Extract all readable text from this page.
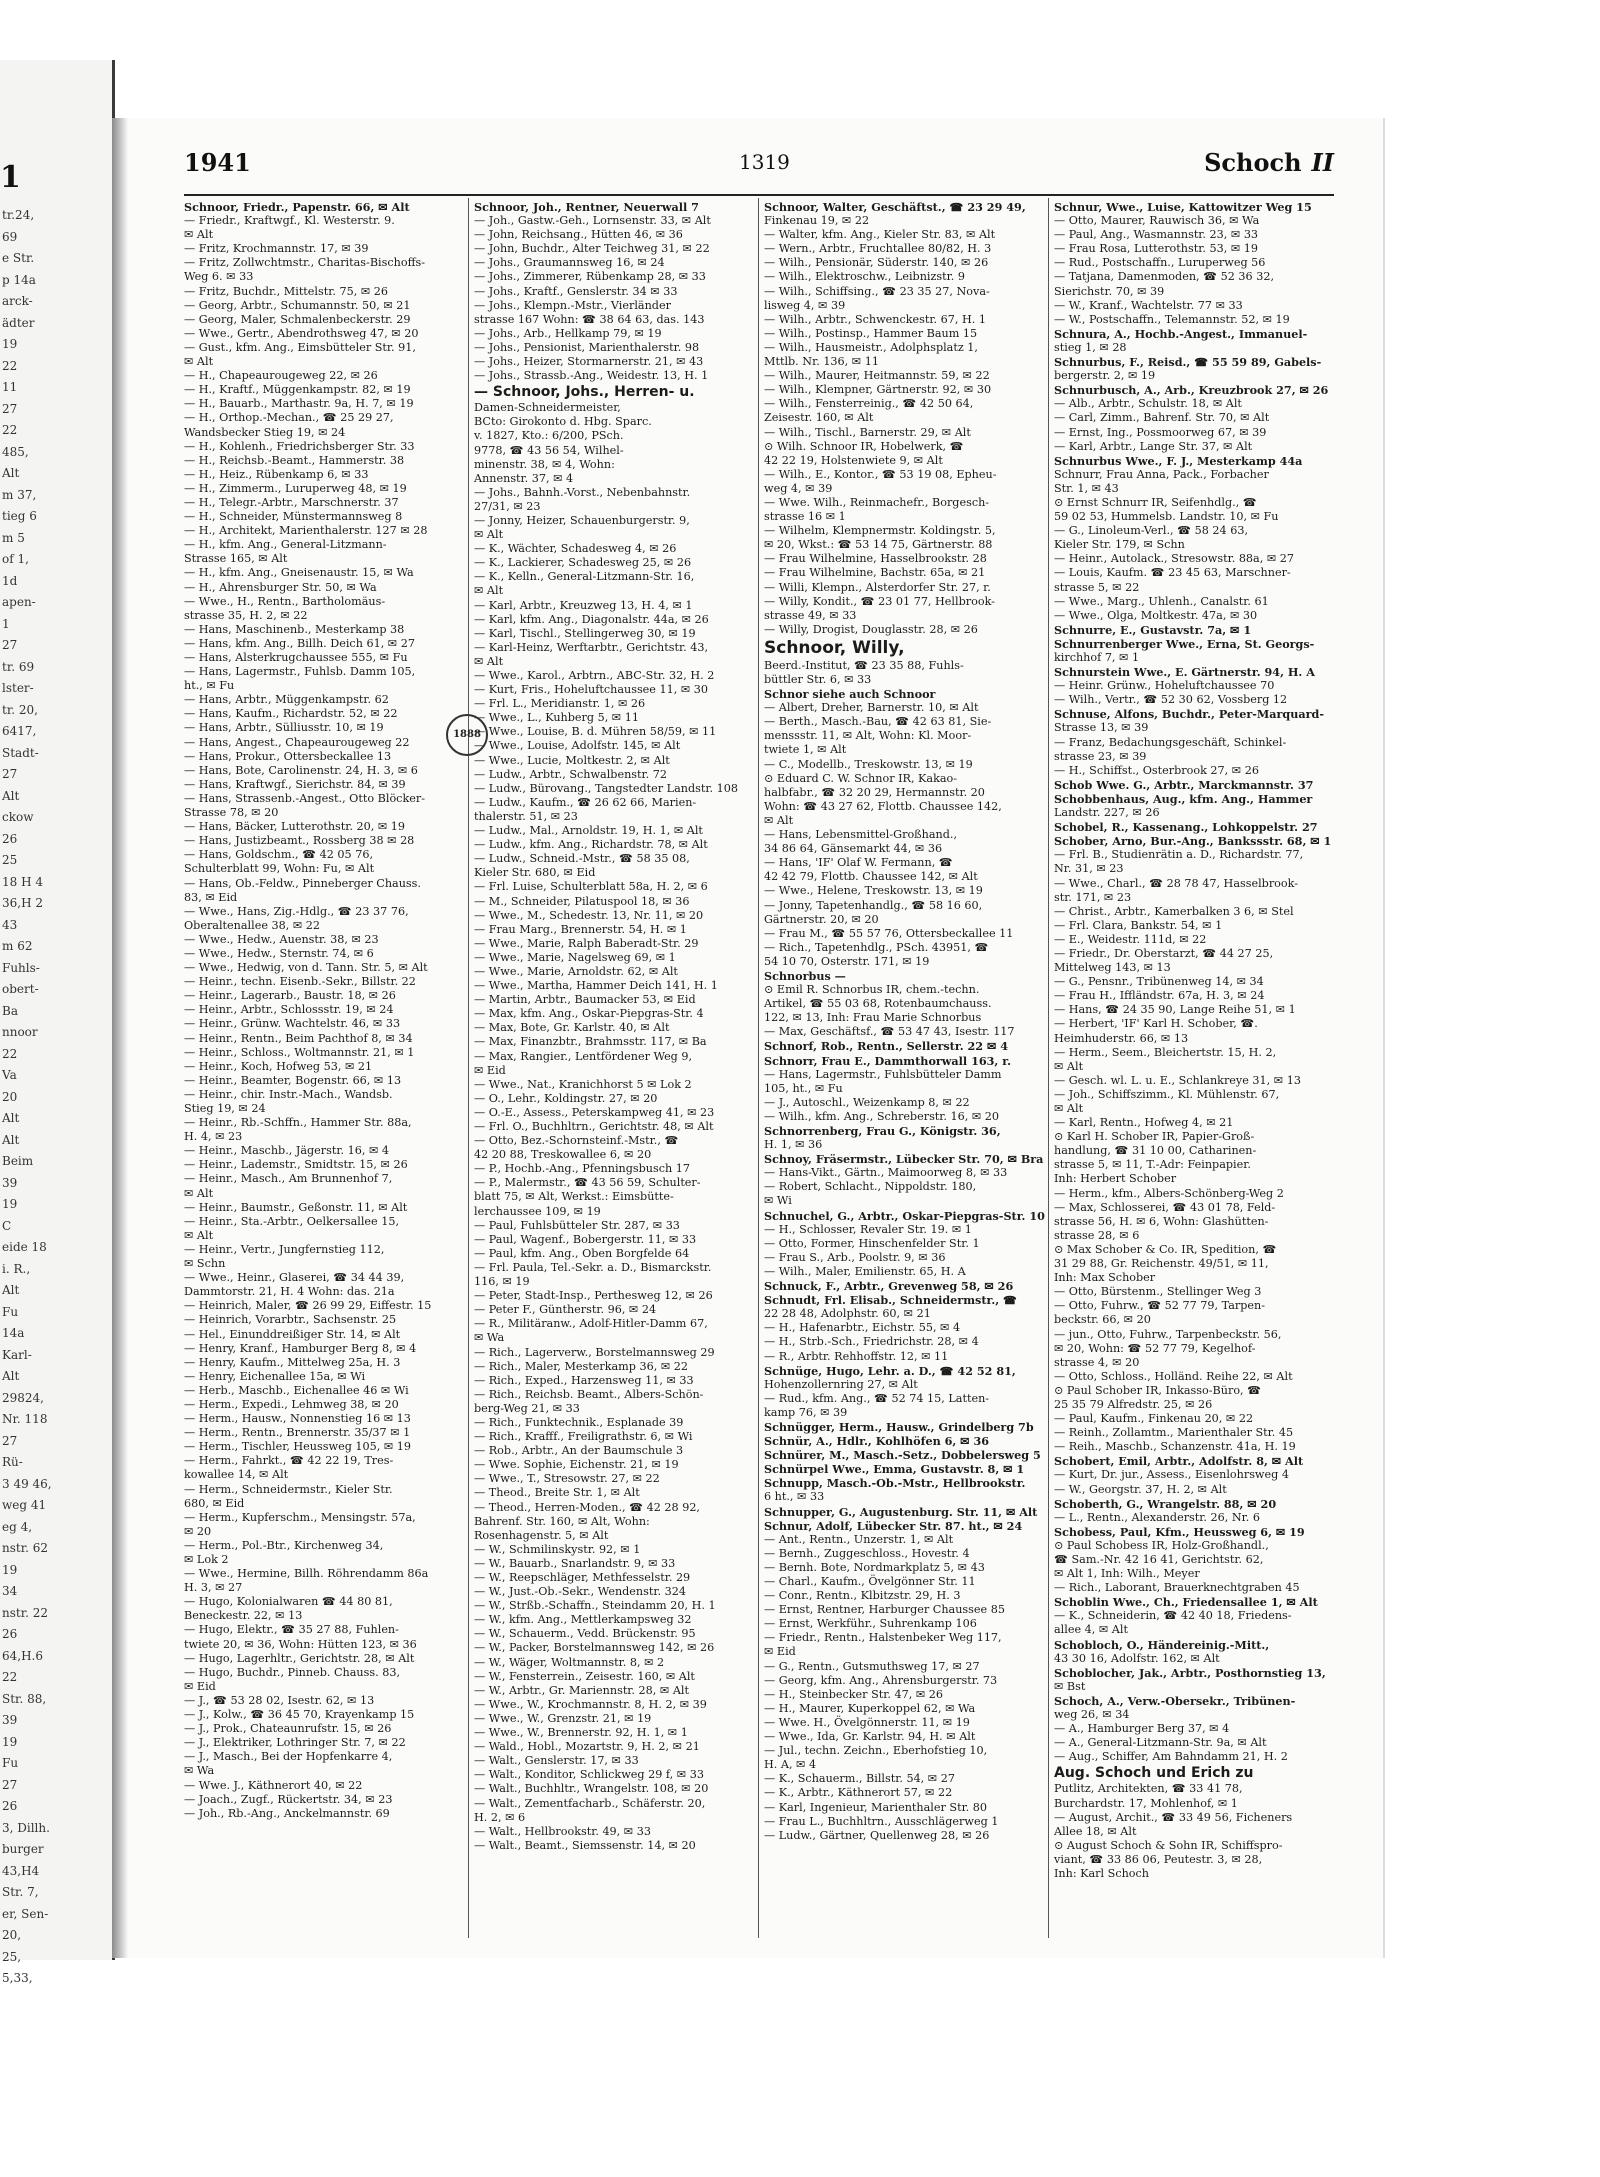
1
tr.24,
69
e Str.
p 14a
arck-
ädter
19
22
11
27
22
485,
Alt
m 37,
tieg 6
m 5
of 1,
1d
apen-
1
27
tr. 69
lster-
tr. 20,
6417,
Stadt-
27
Alt
ckow
26
25
18 H 4
36,H 2
43
m 62
Fuhls-
obert-
Ba
nnoor
22
Va
20
Alt
Alt
Beim
39
19
C
eide 18
i. R.,
Alt
Fu
14a
Karl-
Alt
29824,
Nr. 118
27
Rü-
3 49 46,
weg 41
eg 4,
nstr. 62
19
34
nstr. 22
26
64,H.6
22
Str. 88,
39
19
Fu
27
26
3, Dillh.
burger
43,H4
Str. 7,
er, Sen-
20,
25,
5,33,
1941	1319	Schoch II
Schnoor, Friedr., Papenstr. 66, ✉ Alt
— Friedr., Kraftwgf., Kl. Westerstr. 9.
✉ Alt
— Fritz, Krochmannstr. 17, ✉ 39
— Fritz, Zollwchtmstr., Charitas-Bischoffs-
Weg 6. ✉ 33
— Fritz, Buchdr., Mittelstr. 75, ✉ 26
— Georg, Arbtr., Schumannstr. 50, ✉ 21
— Georg, Maler, Schmalenbeckerstr. 29
— Wwe., Gertr., Abendrothsweg 47, ✉ 20
— Gust., kfm. Ang., Eimsbütteler Str. 91,
✉ Alt
— H., Chapeaurougeweg 22, ✉ 26
— H., Kraftf., Müggenkampstr. 82, ✉ 19
— H., Bauarb., Marthastr. 9a, H. 7, ✉ 19
— H., Orthop.-Mechan., ☎ 25 29 27,
Wandsbecker Stieg 19, ✉ 24
— H., Kohlenh., Friedrichsberger Str. 33
— H., Reichsb.-Beamt., Hammerstr. 38
— H., Heiz., Rübenkamp 6, ✉ 33
— H., Zimmerm., Luruperweg 48, ✉ 19
— H., Telegr.-Arbtr., Marschnerstr. 37
— H., Schneider, Münstermannsweg 8
— H., Architekt, Marienthalerstr. 127 ✉ 28
— H., kfm. Ang., General-Litzmann-
Strasse 165, ✉ Alt
— H., kfm. Ang., Gneisenaustr. 15, ✉ Wa
— H., Ahrensburger Str. 50, ✉ Wa
— Wwe., H., Rentn., Bartholomäus-
strasse 35, H. 2, ✉ 22
— Hans, Maschinenb., Mesterkamp 38
— Hans, kfm. Ang., Billh. Deich 61, ✉ 27
— Hans, Alsterkrugchaussee 555, ✉ Fu
— Hans, Lagermstr., Fuhlsb. Damm 105,
ht., ✉ Fu
— Hans, Arbtr., Müggenkampstr. 62
— Hans, Kaufm., Richardstr. 52, ✉ 22
— Hans, Arbtr., Sülliusstr. 10, ✉ 19
— Hans, Angest., Chapeaurougeweg 22
— Hans, Prokur., Ottersbeckallee 13
— Hans, Bote, Carolinenstr. 24, H. 3, ✉ 6
— Hans, Kraftwgf., Sierichstr. 84, ✉ 39
— Hans, Strassenb.-Angest., Otto Blöcker-
Strasse 78, ✉ 20
— Hans, Bäcker, Lutterothstr. 20, ✉ 19
— Hans, Justizbeamt., Rossberg 38 ✉ 28
— Hans, Goldschm., ☎ 42 05 76,
Schulterblatt 99, Wohn: Fu, ✉ Alt
— Hans, Ob.-Feldw., Pinneberger Chauss.
83, ✉ Eid
— Wwe., Hans, Zig.-Hdlg., ☎ 23 37 76,
Oberaltenallee 38, ✉ 22
— Wwe., Hedw., Auenstr. 38, ✉ 23
— Wwe., Hedw., Sternstr. 74, ✉ 6
— Wwe., Hedwig, von d. Tann. Str. 5, ✉ Alt
— Heinr., techn. Eisenb.-Sekr., Billstr. 22
— Heinr., Lagerarb., Baustr. 18, ✉ 26
— Heinr., Arbtr., Schlossstr. 19, ✉ 24
— Heinr., Grünw. Wachtelstr. 46, ✉ 33
— Heinr., Rentn., Beim Pachthof 8, ✉ 34
— Heinr., Schloss., Woltmannstr. 21, ✉ 1
— Heinr., Koch, Hofweg 53, ✉ 21
— Heinr., Beamter, Bogenstr. 66, ✉ 13
— Heinr., chir. Instr.-Mach., Wandsb.
Stieg 19, ✉ 24
— Heinr., Rb.-Schffn., Hammer Str. 88a,
H. 4, ✉ 23
— Heinr., Maschb., Jägerstr. 16, ✉ 4
— Heinr., Lademstr., Smidtstr. 15, ✉ 26
— Heinr., Masch., Am Brunnenhof 7,
✉ Alt
— Heinr., Baumstr., Geßonstr. 11, ✉ Alt
— Heinr., Sta.-Arbtr., Oelkersallee 15,
✉ Alt
— Heinr., Vertr., Jungfernstieg 112,
✉ Schn
— Wwe., Heinr., Glaserei, ☎ 34 44 39,
Dammtorstr. 21, H. 4 Wohn: das. 21a
— Heinrich, Maler, ☎ 26 99 29, Eiffestr. 15
— Heinrich, Vorarbtr., Sachsenstr. 25
— Hel., Einunddreißiger Str. 14, ✉ Alt
— Henry, Kranf., Hamburger Berg 8, ✉ 4
— Henry, Kaufm., Mittelweg 25a, H. 3
— Henry, Eichenallee 15a, ✉ Wi
— Herb., Maschb., Eichenallee 46 ✉ Wi
— Herm., Expedi., Lehmweg 38, ✉ 20
— Herm., Hausw., Nonnenstieg 16 ✉ 13
— Herm., Rentn., Brennerstr. 35/37 ✉ 1
— Herm., Tischler, Heussweg 105, ✉ 19
— Herm., Fahrkt., ☎ 42 22 19, Tres-
kowallee 14, ✉ Alt
— Herm., Schneidermstr., Kieler Str.
680, ✉ Eid
— Herm., Kupferschm., Mensingstr. 57a,
✉ 20
— Herm., Pol.-Btr., Kirchenweg 34,
✉ Lok 2
— Wwe., Hermine, Billh. Röhrendamm 86a
H. 3, ✉ 27
— Hugo, Kolonialwaren ☎ 44 80 81,
Beneckestr. 22, ✉ 13
— Hugo, Elektr., ☎ 35 27 88, Fuhlen-
twiete 20, ✉ 36, Wohn: Hütten 123, ✉ 36
— Hugo, Lagerhltr., Gerichtstr. 28, ✉ Alt
— Hugo, Buchdr., Pinneb. Chauss. 83,
✉ Eid
— J., ☎ 53 28 02, Isestr. 62, ✉ 13
— J., Kolw., ☎ 36 45 70, Krayenkamp 15
— J., Prok., Chateaunrufstr. 15, ✉ 26
— J., Elektriker, Lothringer Str. 7, ✉ 22
— J., Masch., Bei der Hopfenkarre 4,
✉ Wa
— Wwe. J., Käthnerort 40, ✉ 22
— Joach., Zugf., Rückertstr. 34, ✉ 23
— Joh., Rb.-Ang., Anckelmannstr. 69
Schnoor, Joh., Rentner, Neuerwall 7
— Joh., Gastw.-Geh., Lornsenstr. 33, ✉ Alt
— John, Reichsang., Hütten 46, ✉ 36
— John, Buchdr., Alter Teichweg 31, ✉ 22
— Johs., Graumannsweg 16, ✉ 24
— Johs., Zimmerer, Rübenkamp 28, ✉ 33
— Johs., Kraftf., Genslerstr. 34 ✉ 33
— Johs., Klempn.-Mstr., Vierländer
strasse 167 Wohn: ☎ 38 64 63, das. 143
— Johs., Arb., Hellkamp 79, ✉ 19
— Johs., Pensionist, Marienthalerstr. 98
— Johs., Heizer, Stormarnerstr. 21, ✉ 43
— Johs., Strassb.-Ang., Weidestr. 13, H. 1
— Schnoor, Johs., Herren- u.
Damen-Schneidermeister,
BCto: Girokonto d. Hbg. Sparc.
v. 1827, Kto.: 6/200, PSch.
9778, ☎ 43 56 54, Wilhel-
minenstr. 38, ✉ 4, Wohn:
Annenstr. 37, ✉ 4
— Johs., Bahnh.-Vorst., Nebenbahnstr.
27/31, ✉ 23
— Jonny, Heizer, Schauenburgerstr. 9,
✉ Alt
— K., Wächter, Schadesweg 4, ✉ 26
— K., Lackierer, Schadesweg 25, ✉ 26
— K., Kelln., General-Litzmann-Str. 16,
✉ Alt
— Karl, Arbtr., Kreuzweg 13, H. 4, ✉ 1
— Karl, kfm. Ang., Diagonalstr. 44a, ✉ 26
— Karl, Tischl., Stellingerweg 30, ✉ 19
— Karl-Heinz, Werftarbtr., Gerichtstr. 43,
✉ Alt
— Wwe., Karol., Arbtrn., ABC-Str. 32, H. 2
— Kurt, Fris., Hoheluftchaussee 11, ✉ 30
— Frl. L., Meridianstr. 1, ✉ 26
— Wwe., L., Kuhberg 5, ✉ 11
— Wwe., Louise, B. d. Mühren 58/59, ✉ 11
— Wwe., Louise, Adolfstr. 145, ✉ Alt
— Wwe., Lucie, Moltkestr. 2, ✉ Alt
— Ludw., Arbtr., Schwalbenstr. 72
— Ludw., Bürovang., Tangstedter Landstr. 108
— Ludw., Kaufm., ☎ 26 62 66, Marien-
thalerstr. 51, ✉ 23
— Ludw., Mal., Arnoldstr. 19, H. 1, ✉ Alt
— Ludw., kfm. Ang., Richardstr. 78, ✉ Alt
— Ludw., Schneid.-Mstr., ☎ 58 35 08,
Kieler Str. 680, ✉ Eid
— Frl. Luise, Schulterblatt 58a, H. 2, ✉ 6
— M., Schneider, Pilatuspool 18, ✉ 36
— Wwe., M., Schedestr. 13, Nr. 11, ✉ 20
— Frau Marg., Brennerstr. 54, H. ✉ 1
— Wwe., Marie, Ralph Baberadt-Str. 29
— Wwe., Marie, Nagelsweg 69, ✉ 1
— Wwe., Marie, Arnoldstr. 62, ✉ Alt
— Wwe., Martha, Hammer Deich 141, H. 1
— Martin, Arbtr., Baumacker 53, ✉ Eid
— Max, kfm. Ang., Oskar-Piepgras-Str. 4
— Max, Bote, Gr. Karlstr. 40, ✉ Alt
— Max, Finanzbtr., Brahmsstr. 117, ✉ Ba
— Max, Rangier., Lentfördener Weg 9,
✉ Eid
— Wwe., Nat., Kranichhorst 5 ✉ Lok 2
— O., Lehr., Koldingstr. 27, ✉ 20
— O.-E., Assess., Peterskampweg 41, ✉ 23
— Frl. O., Buchhltrn., Gerichtstr. 48, ✉ Alt
— Otto, Bez.-Schornsteinf.-Mstr., ☎
42 20 88, Treskowallee 6, ✉ 20
— P., Hochb.-Ang., Pfenningsbusch 17
— P., Malermstr., ☎ 43 56 59, Schulter-
blatt 75, ✉ Alt, Werkst.: Eimsbütte-
lerchaussee 109, ✉ 19
— Paul, Fuhlsbütteler Str. 287, ✉ 33
— Paul, Wagenf., Bobergerstr. 11, ✉ 33
— Paul, kfm. Ang., Oben Borgfelde 64
— Frl. Paula, Tel.-Sekr. a. D., Bismarckstr.
116, ✉ 19
— Peter, Stadt-Insp., Perthesweg 12, ✉ 26
— Peter F., Güntherstr. 96, ✉ 24
— R., Militäranw., Adolf-Hitler-Damm 67,
✉ Wa
— Rich., Lagerverw., Borstelmannsweg 29
— Rich., Maler, Mesterkamp 36, ✉ 22
— Rich., Exped., Harzensweg 11, ✉ 33
— Rich., Reichsb. Beamt., Albers-Schön-
berg-Weg 21, ✉ 33
— Rich., Funktechnik., Esplanade 39
— Rich., Krafff., Freiligrathstr. 6, ✉ Wi
— Rob., Arbtr., An der Baumschule 3
— Wwe. Sophie, Eichenstr. 21, ✉ 19
— Wwe., T., Stresowstr. 27, ✉ 22
— Theod., Breite Str. 1, ✉ Alt
— Theod., Herren-Moden., ☎ 42 28 92,
Bahrenf. Str. 160, ✉ Alt, Wohn:
Rosenhagenstr. 5, ✉ Alt
— W., Schmilinskystr. 92, ✉ 1
— W., Bauarb., Snarlandstr. 9, ✉ 33
— W., Reepschläger, Methfesselstr. 29
— W., Just.-Ob.-Sekr., Wendenstr. 324
— W., Strßb.-Schaffn., Steindamm 20, H. 1
— W., kfm. Ang., Mettlerkampsweg 32
— W., Schauerm., Vedd. Brückenstr. 95
— W., Packer, Borstelmannsweg 142, ✉ 26
— W., Wäger, Woltmannstr. 8, ✉ 2
— W., Fensterrein., Zeisestr. 160, ✉ Alt
— W., Arbtr., Gr. Mariennstr. 28, ✉ Alt
— Wwe., W., Krochmannstr. 8, H. 2, ✉ 39
— Wwe., W., Grenzstr. 21, ✉ 19
— Wwe., W., Brennerstr. 92, H. 1, ✉ 1
— Wald., Hobl., Mozartstr. 9, H. 2, ✉ 21
— Walt., Genslerstr. 17, ✉ 33
— Walt., Konditor, Schlickweg 29 f, ✉ 33
— Walt., Buchhltr., Wrangelstr. 108, ✉ 20
— Walt., Zementfacharb., Schäferstr. 20,
H. 2, ✉ 6
— Walt., Hellbrookstr. 49, ✉ 33
— Walt., Beamt., Siemssenstr. 14, ✉ 20
Schnoor, Walter, Geschäftst., ☎ 23 29 49,
Finkenau 19, ✉ 22
— Walter, kfm. Ang., Kieler Str. 83, ✉ Alt
— Wern., Arbtr., Fruchtallee 80/82, H. 3
— Wilh., Pensionär, Süderstr. 140, ✉ 26
— Wilh., Elektroschw., Leibnizstr. 9
— Wilh., Schiffsing., ☎ 23 35 27, Nova-
lisweg 4, ✉ 39
— Wilh., Arbtr., Schwenckestr. 67, H. 1
— Wilh., Postinsp., Hammer Baum 15
— Wilh., Hausmeistr., Adolphsplatz 1,
Mttlb. Nr. 136, ✉ 11
— Wilh., Maurer, Heitmannstr. 59, ✉ 22
— Wilh., Klempner, Gärtnerstr. 92, ✉ 30
— Wilh., Fensterreinig., ☎ 42 50 64,
Zeisestr. 160, ✉ Alt
— Wilh., Tischl., Barnerstr. 29, ✉ Alt
⊙ Wilh. Schnoor IR, Hobelwerk, ☎
42 22 19, Holstenwiete 9, ✉ Alt
— Wilh., E., Kontor., ☎ 53 19 08, Epheu-
weg 4, ✉ 39
— Wwe. Wilh., Reinmachefr., Borgesch-
strasse 16 ✉ 1
— Wilhelm, Klempnermstr. Koldingstr. 5,
✉ 20, Wkst.: ☎ 53 14 75, Gärtnerstr. 88
— Frau Wilhelmine, Hasselbrookstr. 28
— Frau Wilhelmine, Bachstr. 65a, ✉ 21
— Willi, Klempn., Alsterdorfer Str. 27, r.
— Willy, Kondit., ☎ 23 01 77, Hellbrook-
strasse 49, ✉ 33
— Willy, Drogist, Douglasstr. 28, ✉ 26
Schnoor, Willy,
Beerd.-Institut, ☎ 23 35 88, Fuhls-
büttler Str. 6, ✉ 33
Schnor siehe auch Schnoor
— Albert, Dreher, Barnerstr. 10, ✉ Alt
— Berth., Masch.-Bau, ☎ 42 63 81, Sie-
menssstr. 11, ✉ Alt, Wohn: Kl. Moor-
twiete 1, ✉ Alt
— C., Modellb., Treskowstr. 13, ✉ 19
⊙ Eduard C. W. Schnor IR, Kakao-
halbfabr., ☎ 32 20 29, Hermannstr. 20
Wohn: ☎ 43 27 62, Flottb. Chaussee 142,
✉ Alt
— Hans, Lebensmittel-Großhand.,
34 86 64, Gänsemarkt 44, ✉ 36
— Hans, 'IF' Olaf W. Fermann, ☎
42 42 79, Flottb. Chaussee 142, ✉ Alt
— Wwe., Helene, Treskowstr. 13, ✉ 19
— Jonny, Tapetenhandlg., ☎ 58 16 60,
Gärtnerstr. 20, ✉ 20
— Frau M., ☎ 55 57 76, Ottersbeckallee 11
— Rich., Tapetenhdlg., PSch. 43951, ☎
54 10 70, Osterstr. 171, ✉ 19
Schnorbus —
⊙ Emil R. Schnorbus IR, chem.-techn.
Artikel, ☎ 55 03 68, Rotenbaumchauss.
122, ✉ 13, Inh: Frau Marie Schnorbus
— Max, Geschäftsf., ☎ 53 47 43, Isestr. 117
Schnorf, Rob., Rentn., Sellerstr. 22 ✉ 4
Schnorr, Frau E., Dammthorwall 163, r.
— Hans, Lagermstr., Fuhlsbütteler Damm
105, ht., ✉ Fu
— J., Autoschl., Weizenkamp 8, ✉ 22
— Wilh., kfm. Ang., Schreberstr. 16, ✉ 20
Schnorrenberg, Frau G., Königstr. 36,
H. 1, ✉ 36
Schnoy, Fräsermstr., Lübecker Str. 70, ✉ Bra
— Hans-Vikt., Gärtn., Maimoorweg 8, ✉ 33
— Robert, Schlacht., Nippoldstr. 180,
✉ Wi
Schnuchel, G., Arbtr., Oskar-Piepgras-Str. 10
— H., Schlosser, Revaler Str. 19. ✉ 1
— Otto, Former, Hinschenfelder Str. 1
— Frau S., Arb., Poolstr. 9, ✉ 36
— Wilh., Maler, Emilienstr. 65, H. A
Schnuck, F., Arbtr., Grevenweg 58, ✉ 26
Schnudt, Frl. Elisab., Schneidermstr., ☎
22 28 48, Adolphstr. 60, ✉ 21
— H., Hafenarbtr., Eichstr. 55, ✉ 4
— H., Strb.-Sch., Friedrichstr. 28, ✉ 4
— R., Arbtr. Rehhoffstr. 12, ✉ 11
Schnüge, Hugo, Lehr. a. D., ☎ 42 52 81,
Hohenzollernring 27, ✉ Alt
— Rud., kfm. Ang., ☎ 52 74 15, Latten-
kamp 76, ✉ 39
Schnügger, Herm., Hausw., Grindelberg 7b
Schnür, A., Hdlr., Kohlhöfen 6, ✉ 36
Schnürer, M., Masch.-Setz., Dobbelersweg 5
Schnürpel Wwe., Emma, Gustavstr. 8, ✉ 1
Schnupp, Masch.-Ob.-Mstr., Hellbrookstr.
6 ht., ✉ 33
Schnupper, G., Augustenburg. Str. 11, ✉ Alt
Schnur, Adolf, Lübecker Str. 87. ht., ✉ 24
— Ant., Rentn., Unzerstr. 1, ✉ Alt
— Bernh., Zuggeschloss., Hovestr. 4
— Bernh. Bote, Nordmarkplatz 5, ✉ 43
— Charl., Kaufm., Övelgönner Str. 11
— Conr., Rentn., Klbitzstr. 29, H. 3
— Ernst, Rentner, Harburger Chaussee 85
— Ernst, Werkführ., Suhrenkamp 106
— Friedr., Rentn., Halstenbeker Weg 117,
✉ Eid
— G., Rentn., Gutsmuthsweg 17, ✉ 27
— Georg, kfm. Ang., Ahrensburgerstr. 73
— H., Steinbecker Str. 47, ✉ 26
— H., Maurer, Kuperkoppel 62, ✉ Wa
— Wwe. H., Övelgönnerstr. 11, ✉ 19
— Wwe., Ida, Gr. Karlstr. 94, H. ✉ Alt
— Jul., techn. Zeichn., Eberhofstieg 10,
H. A, ✉ 4
— K., Schauerm., Billstr. 54, ✉ 27
— K., Arbtr., Käthnerort 57, ✉ 22
— Karl, Ingenieur, Marienthaler Str. 80
— Frau L., Buchhltrn., Ausschlägerweg 1
— Ludw., Gärtner, Quellenweg 28, ✉ 26
Schnur, Wwe., Luise, Kattowitzer Weg 15
— Otto, Maurer, Rauwisch 36, ✉ Wa
— Paul, Ang., Wasmannstr. 23, ✉ 33
— Frau Rosa, Lutterothstr. 53, ✉ 19
— Rud., Postschaffn., Luruperweg 56
— Tatjana, Damenmoden, ☎ 52 36 32,
Sierichstr. 70, ✉ 39
— W., Kranf., Wachtelstr. 77 ✉ 33
— W., Postschaffn., Telemannstr. 52, ✉ 19
Schnura, A., Hochb.-Angest., Immanuel-
stieg 1, ✉ 28
Schnurbus, F., Reisd., ☎ 55 59 89, Gabels-
bergerstr. 2, ✉ 19
Schnurbusch, A., Arb., Kreuzbrook 27, ✉ 26
— Alb., Arbtr., Schulstr. 18, ✉ Alt
— Carl, Zimm., Bahrenf. Str. 70, ✉ Alt
— Ernst, Ing., Possmoorweg 67, ✉ 39
— Karl, Arbtr., Lange Str. 37, ✉ Alt
Schnurbus Wwe., F. J., Mesterkamp 44a
Schnurr, Frau Anna, Pack., Forbacher
Str. 1, ✉ 43
⊙ Ernst Schnurr IR, Seifenhdlg., ☎
59 02 53, Hummelsb. Landstr. 10, ✉ Fu
— G., Linoleum-Verl., ☎ 58 24 63,
Kieler Str. 179, ✉ Schn
— Heinr., Autolack., Stresowstr. 88a, ✉ 27
— Louis, Kaufm. ☎ 23 45 63, Marschner-
strasse 5, ✉ 22
— Wwe., Marg., Uhlenh., Canalstr. 61
— Wwe., Olga, Moltkestr. 47a, ✉ 30
Schnurre, E., Gustavstr. 7a, ✉ 1
Schnurrenberger Wwe., Erna, St. Georgs-
kirchhof 7, ✉ 1
Schnurstein Wwe., E. Gärtnerstr. 94, H. A
— Heinr. Grünw., Hoheluftchaussee 70
— Wilh., Vertr., ☎ 52 30 62, Vossberg 12
Schnuse, Alfons, Buchdr., Peter-Marquard-
Strasse 13, ✉ 39
— Franz, Bedachungsgeschäft, Schinkel-
strasse 23, ✉ 39
— H., Schiffst., Osterbrook 27, ✉ 26
Schob Wwe. G., Arbtr., Marckmannstr. 37
Schobbenhaus, Aug., kfm. Ang., Hammer
Landstr. 227, ✉ 26
Schobel, R., Kassenang., Lohkoppelstr. 27
Schober, Arno, Bur.-Ang., Bankssstr. 68, ✉ 1
— Frl. B., Studienrätin a. D., Richardstr. 77,
Nr. 31, ✉ 23
— Wwe., Charl., ☎ 28 78 47, Hasselbrook-
str. 171, ✉ 23
— Christ., Arbtr., Kamerbalken 3 6, ✉ Stel
— Frl. Clara, Bankstr. 54, ✉ 1
— E., Weidestr. 111d, ✉ 22
— Friedr., Dr. Oberstarzt, ☎ 44 27 25,
Mittelweg 143, ✉ 13
— G., Pensnr., Tribünenweg 14, ✉ 34
— Frau H., Iffländstr. 67a, H. 3, ✉ 24
— Hans, ☎ 24 35 90, Lange Reihe 51, ✉ 1
— Herbert, 'IF' Karl H. Schober, ☎.
Heimhuderstr. 66, ✉ 13
— Herm., Seem., Bleichertstr. 15, H. 2,
✉ Alt
— Gesch. wl. L. u. E., Schlankreye 31, ✉ 13
— Joh., Schiffszimm., Kl. Mühlenstr. 67,
✉ Alt
— Karl, Rentn., Hofweg 4, ✉ 21
⊙ Karl H. Schober IR, Papier-Groß-
handlung, ☎ 31 10 00, Catharinen-
strasse 5, ✉ 11, T.-Adr: Feinpapier.
Inh: Herbert Schober
— Herm., kfm., Albers-Schönberg-Weg 2
— Max, Schlosserei, ☎ 43 01 78, Feld-
strasse 56, H. ✉ 6, Wohn: Glashütten-
strasse 28, ✉ 6
⊙ Max Schober & Co. IR, Spedition, ☎
31 29 88, Gr. Reichenstr. 49/51, ✉ 11,
Inh: Max Schober
— Otto, Bürstenm., Stellinger Weg 3
— Otto, Fuhrw., ☎ 52 77 79, Tarpen-
beckstr. 66, ✉ 20
— jun., Otto, Fuhrw., Tarpenbeckstr. 56,
✉ 20, Wohn: ☎ 52 77 79, Kegelhof-
strasse 4, ✉ 20
— Otto, Schloss., Holländ. Reihe 22, ✉ Alt
⊙ Paul Schober IR, Inkasso-Büro, ☎
25 35 79 Alfredstr. 25, ✉ 26
— Paul, Kaufm., Finkenau 20, ✉ 22
— Reinh., Zollamtm., Marienthaler Str. 45
— Reih., Maschb., Schanzenstr. 41a, H. 19
Schobert, Emil, Arbtr., Adolfstr. 8, ✉ Alt
— Kurt, Dr. jur., Assess., Eisenlohrsweg 4
— W., Georgstr. 37, H. 2, ✉ Alt
Schoberth, G., Wrangelstr. 88, ✉ 20
— L., Rentn., Alexanderstr. 26, Nr. 6
Schobess, Paul, Kfm., Heussweg 6, ✉ 19
⊙ Paul Schobess IR, Holz-Großhandl.,
☎ Sam.-Nr. 42 16 41, Gerichtstr. 62,
✉ Alt 1, Inh: Wilh., Meyer
— Rich., Laborant, Brauerknechtgraben 45
Schoblin Wwe., Ch., Friedensallee 1, ✉ Alt
— K., Schneiderin, ☎ 42 40 18, Friedens-
allee 4, ✉ Alt
Schobloch, O., Händereinig.-Mitt.,
43 30 16, Adolfstr. 162, ✉ Alt
Schoblocher, Jak., Arbtr., Posthornstieg 13,
✉ Bst
Schoch, A., Verw.-Obersekr., Tribünen-
weg 26, ✉ 34
— A., Hamburger Berg 37, ✉ 4
— A., General-Litzmann-Str. 9a, ✉ Alt
— Aug., Schiffer, Am Bahndamm 21, H. 2
Aug. Schoch und Erich zu
Putlitz, Architekten, ☎ 33 41 78,
Burchardstr. 17, Mohlenhof, ✉ 1
— August, Archit., ☎ 33 49 56, Ficheners
Allee 18, ✉ Alt
⊙ August Schoch & Sohn IR, Schiffspro-
viant, ☎ 33 86 06, Peutestr. 3, ✉ 28,
Inh: Karl Schoch
1888
